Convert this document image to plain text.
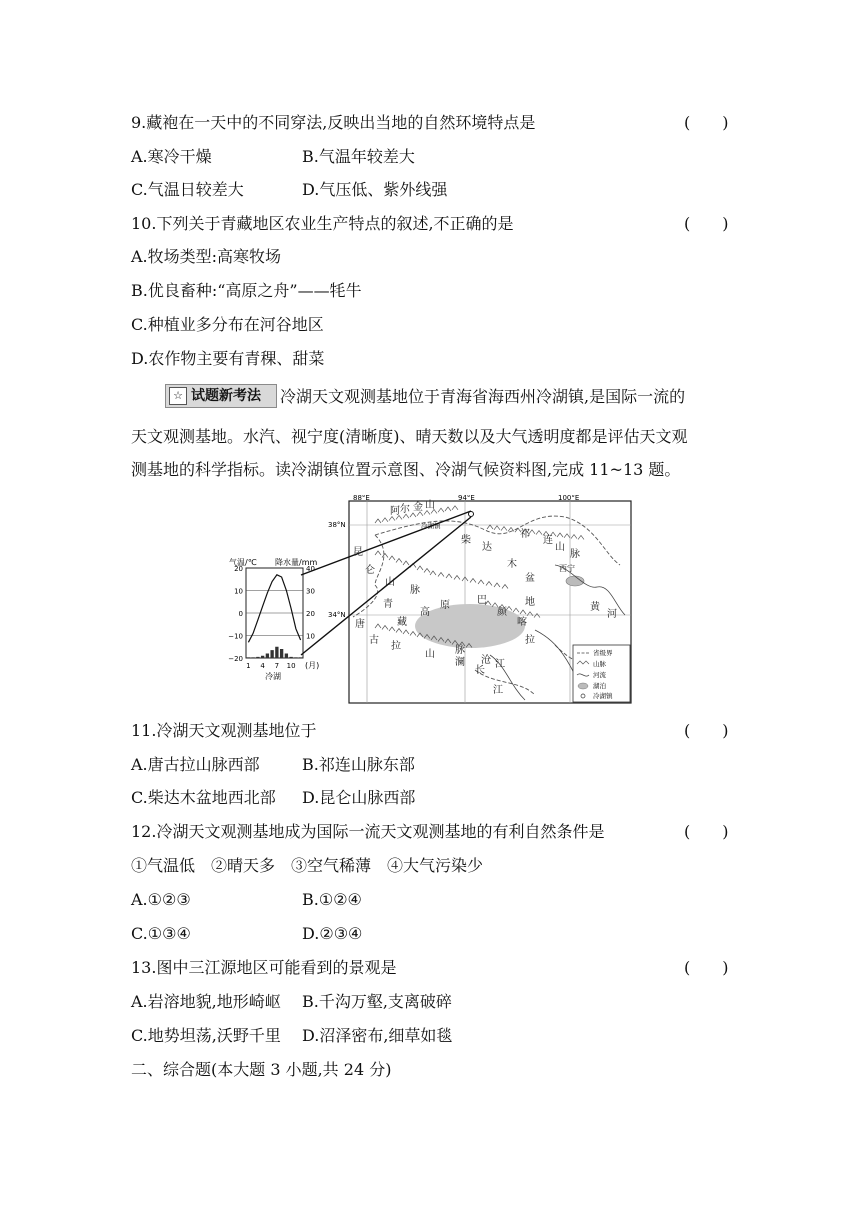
9.藏袍在一天中的不同穿法,反映出当地的自然环境特点是	(　　)
A.寒冷干燥	B.气温年较差大
C.气温日较差大	D.气压低、紫外线强
10.下列关于青藏地区农业生产特点的叙述,不正确的是	(　　)
A.牧场类型:高寒牧场
B.优良畜种:“高原之舟”——牦牛
C.种植业多分布在河谷地区
D.农作物主要有青稞、甜菜
☆ 试题新考法 冷湖天文观测基地位于青海省海西州冷湖镇,是国际一流的
天文观测基地。水汽、视宁度(清晰度)、晴天数以及大气透明度都是评估天文观
测基地的科学指标。读冷湖镇位置示意图、冷湖气候资料图,完成 11~13 题。
气温/℃ 降水量/mm
20
10
0
−10
−20
40
30
20
10
1 4 7 10 (月)
冷湖
88°E	94°E	100°E
38°N
34°N
冷湖镇
阿 尔 金 山
祁
连
山
脉
昆
仑
山
脉
柴
达
木
盆
地
青
藏
高
原	巴
颜
喀
拉
唐
古
拉
山 脉
西宁
黄
河
长
江
澜 沧 江
省级界
山脉
河流
湖泊
冷湖镇
11.冷湖天文观测基地位于	(　　)
A.唐古拉山脉西部	B.祁连山脉东部
C.柴达木盆地西北部 D.昆仑山脉西部
12.冷湖天文观测基地成为国际一流天文观测基地的有利自然条件是	(　　)
①气温低　②晴天多　③空气稀薄　④大气污染少
A.①②③	B.①②④
C.①③④	D.②③④
13.图中三江源地区可能看到的景观是	(　　)
A.岩溶地貌,地形崎岖 B.千沟万壑,支离破碎
C.地势坦荡,沃野千里 D.沼泽密布,细草如毯
二、综合题(本大题 3 小题,共 24 分)
